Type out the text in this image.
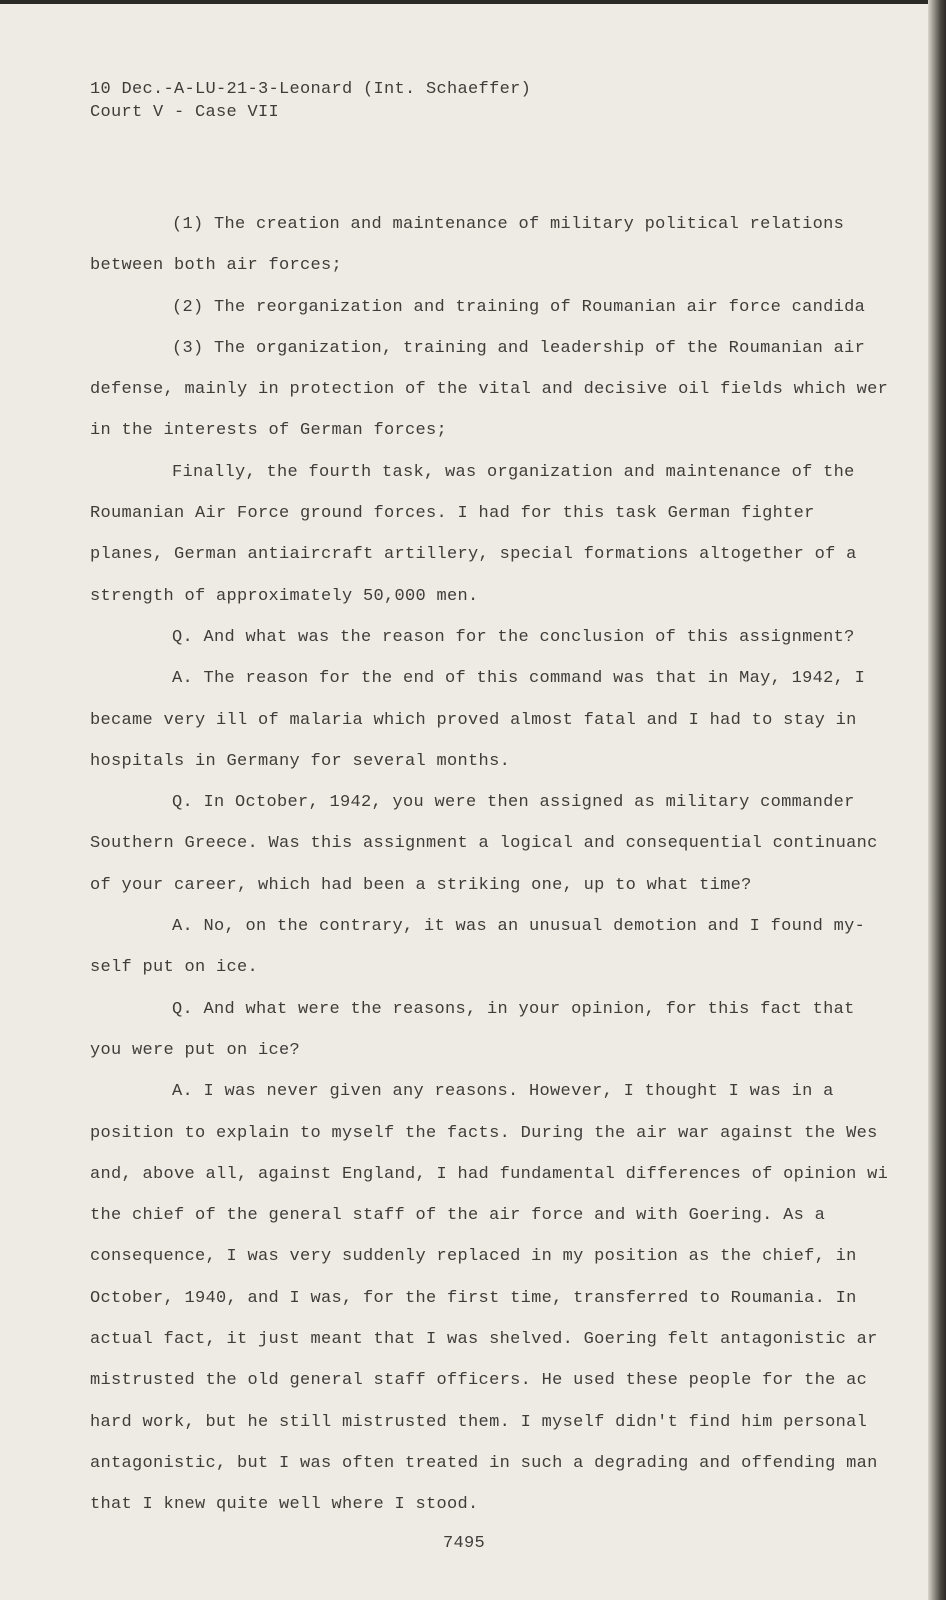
10 Dec.-A-LU-21-3-Leonard (Int. Schaeffer)
Court V - Case VII
(1) The creation and maintenance of military political relations
between both air forces;
(2) The reorganization and training of Roumanian air force candida
(3) The organization, training and leadership of the Roumanian air
defense, mainly in protection of the vital and decisive oil fields which wer
in the interests of German forces;
Finally, the fourth task, was organization and maintenance of the
Roumanian Air Force ground forces. I had for this task German fighter
planes, German antiaircraft artillery, special formations altogether of a
strength of approximately 50,000 men.
Q. And what was the reason for the conclusion of this assignment?
A. The reason for the end of this command was that in May, 1942, I
became very ill of malaria which proved almost fatal and I had to stay in
hospitals in Germany for several months.
Q. In October, 1942, you were then assigned as military commander
Southern Greece. Was this assignment a logical and consequential continuanc
of your career, which had been a striking one, up to what time?
A. No, on the contrary, it was an unusual demotion and I found my-
self put on ice.
Q. And what were the reasons, in your opinion, for this fact that
you were put on ice?
A. I was never given any reasons. However, I thought I was in a
position to explain to myself the facts. During the air war against the Wes
and, above all, against England, I had fundamental differences of opinion wi
the chief of the general staff of the air force and with Goering. As a
consequence, I was very suddenly replaced in my position as the chief, in
October, 1940, and I was, for the first time, transferred to Roumania. In
actual fact, it just meant that I was shelved. Goering felt antagonistic ar
mistrusted the old general staff officers. He used these people for the ac
hard work, but he still mistrusted them. I myself didn't find him personal
antagonistic, but I was often treated in such a degrading and offending man
that I knew quite well where I stood.
7495
